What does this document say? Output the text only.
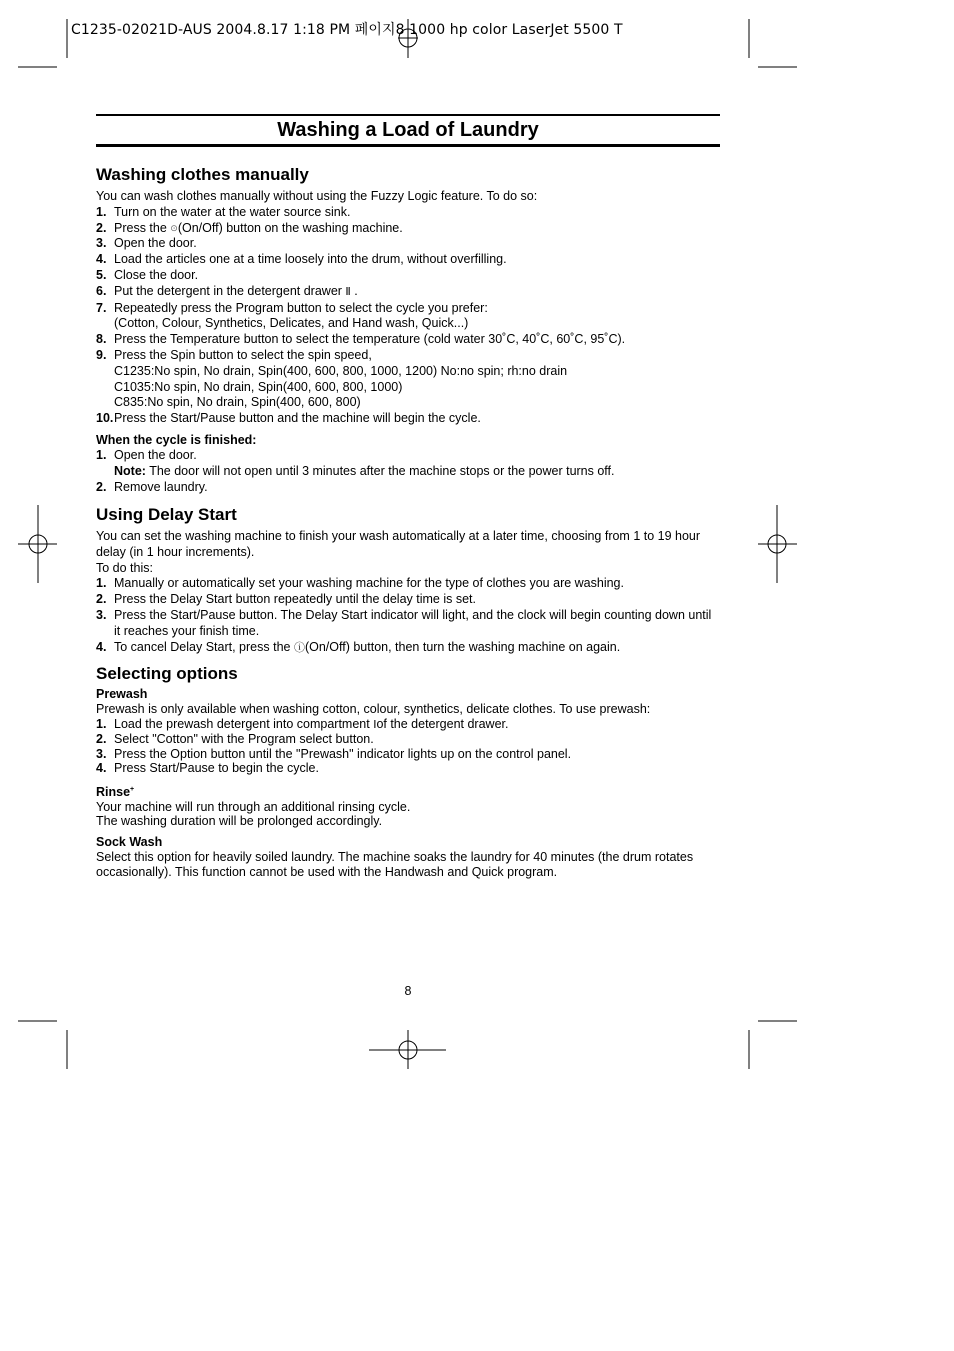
C1235-02021D-AUS 2004.8.17 1:18 PM 페이지8 1000 hp color LaserJet 5500 T
Washing a Load of Laundry
Washing clothes manually

You can wash clothes manually without using the Fuzzy Logic feature. To do so:

1. Turn on the water at the water source sink.
2. Press the ⊙(On/Off) button on the washing machine.
3. Open the door.
4. Load the articles one at a time loosely into the drum, without overfilling.
5. Close the door.
6. Put the detergent in the detergent drawer Ⅱ .
7. Repeatedly press the Program button to select the cycle you prefer:
(Cotton, Colour, Synthetics, Delicates, and Hand wash, Quick...)
8. Press the Temperature button to select the temperature (cold water 30˚C, 40˚C, 60˚C, 95˚C).
9. Press the Spin button to select the spin speed,
C1235:No spin, No drain, Spin(400, 600, 800, 1000, 1200) No:no spin; rh:no drain
C1035:No spin, No drain, Spin(400, 600, 800, 1000)
C835:No spin, No drain, Spin(400, 600, 800)
10. Press the Start/Pause button and the machine will begin the cycle.
When the cycle is finished:
1. Open the door.
Note: The door will not open until 3 minutes after the machine stops or the power turns off.
2. Remove laundry.
Using Delay Start

You can set the washing machine to finish your wash automatically at a later time, choosing from 1 to 19 hour delay (in 1 hour increments).

To do this:

1. Manually or automatically set your washing machine for the type of clothes you are washing.
2. Press the Delay Start button repeatedly until the delay time is set.
3. Press the Start/Pause button. The Delay Start indicator will light, and the clock will begin counting down until it reaches your finish time.
4. To cancel Delay Start, press the ⓘ(On/Off) button, then turn the washing machine on again.
Selecting options
Prewash

Prewash is only available when washing cotton, colour, synthetics, delicate clothes. To use prewash:

1. Load the prewash detergent into compartment Ⅰof the detergent drawer.
2. Select "Cotton" with the Program select button.
3. Press the Option button until the "Prewash" indicator lights up on the control panel.
4. Press Start/Pause to begin the cycle.
Rinse+

Your machine will run through an additional rinsing cycle.

The washing duration will be prolonged accordingly.

Sock Wash

Select this option for heavily soiled laundry. The machine soaks the laundry for 40 minutes (the drum rotates occasionally). This function cannot be used with the Handwash and Quick program.

8
